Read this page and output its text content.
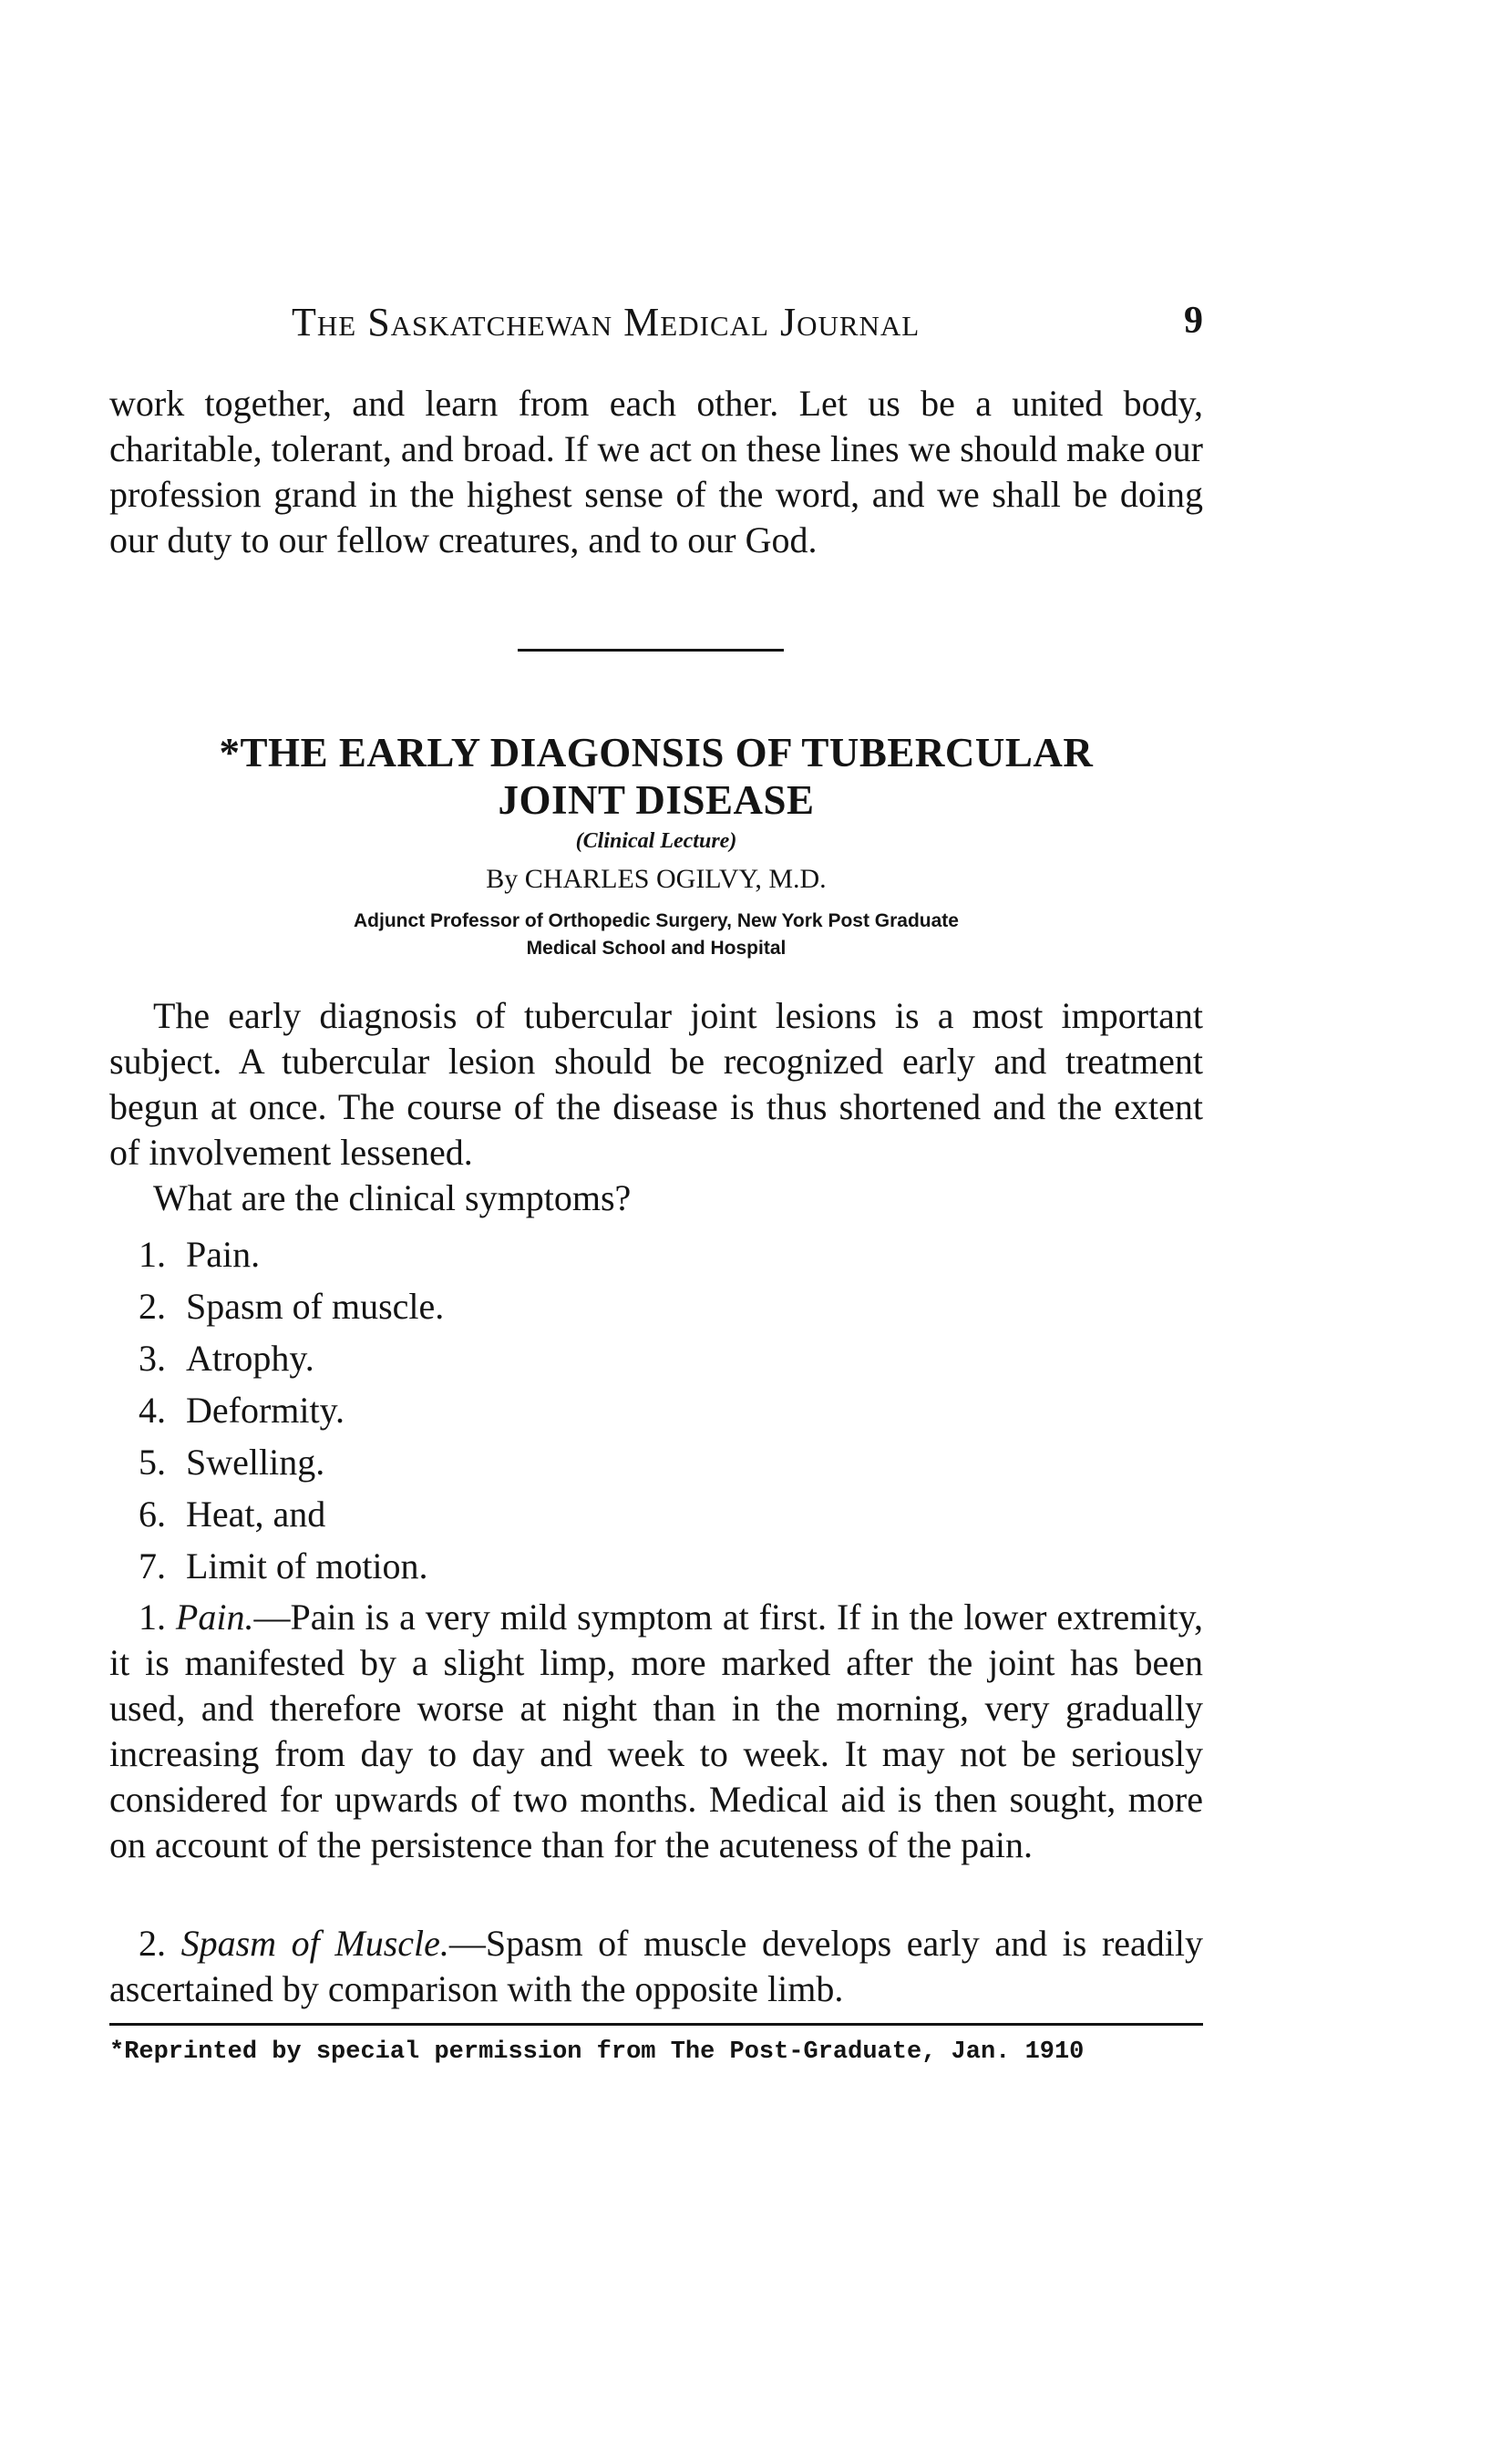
The Saskatchewan Medical Journal	9

work together, and learn from each other. Let us be a united body, charitable, tolerant, and broad. If we act on these lines we should make our profession grand in the highest sense of the word, and we shall be doing our duty to our fellow creatures, and to our God.

*THE EARLY DIAGONSIS OF TUBERCULAR
JOINT DISEASE
(Clinical Lecture)
By CHARLES OGILVY, M.D.
Adjunct Professor of Orthopedic Surgery, New York Post Graduate
Medical School and Hospital

The early diagnosis of tubercular joint lesions is a most important subject. A tubercular lesion should be recognized early and treatment begun at once. The course of the disease is thus shortened and the extent of involvement lessened.

What are the clinical symptoms?
1. Pain.
2. Spasm of muscle.
3. Atrophy.
4. Deformity.
5. Swelling.
6. Heat, and
7. Limit of motion.

1. Pain.—Pain is a very mild symptom at first. If in the lower extremity, it is manifested by a slight limp, more marked after the joint has been used, and therefore worse at night than in the morning, very gradually increasing from day to day and week to week. It may not be seriously considered for upwards of two months. Medical aid is then sought, more on account of the persistence than for the acuteness of the pain.

2. Spasm of Muscle.—Spasm of muscle develops early and is readily ascertained by comparison with the opposite limb.

*Reprinted by special permission from The Post-Graduate, Jan. 1910
